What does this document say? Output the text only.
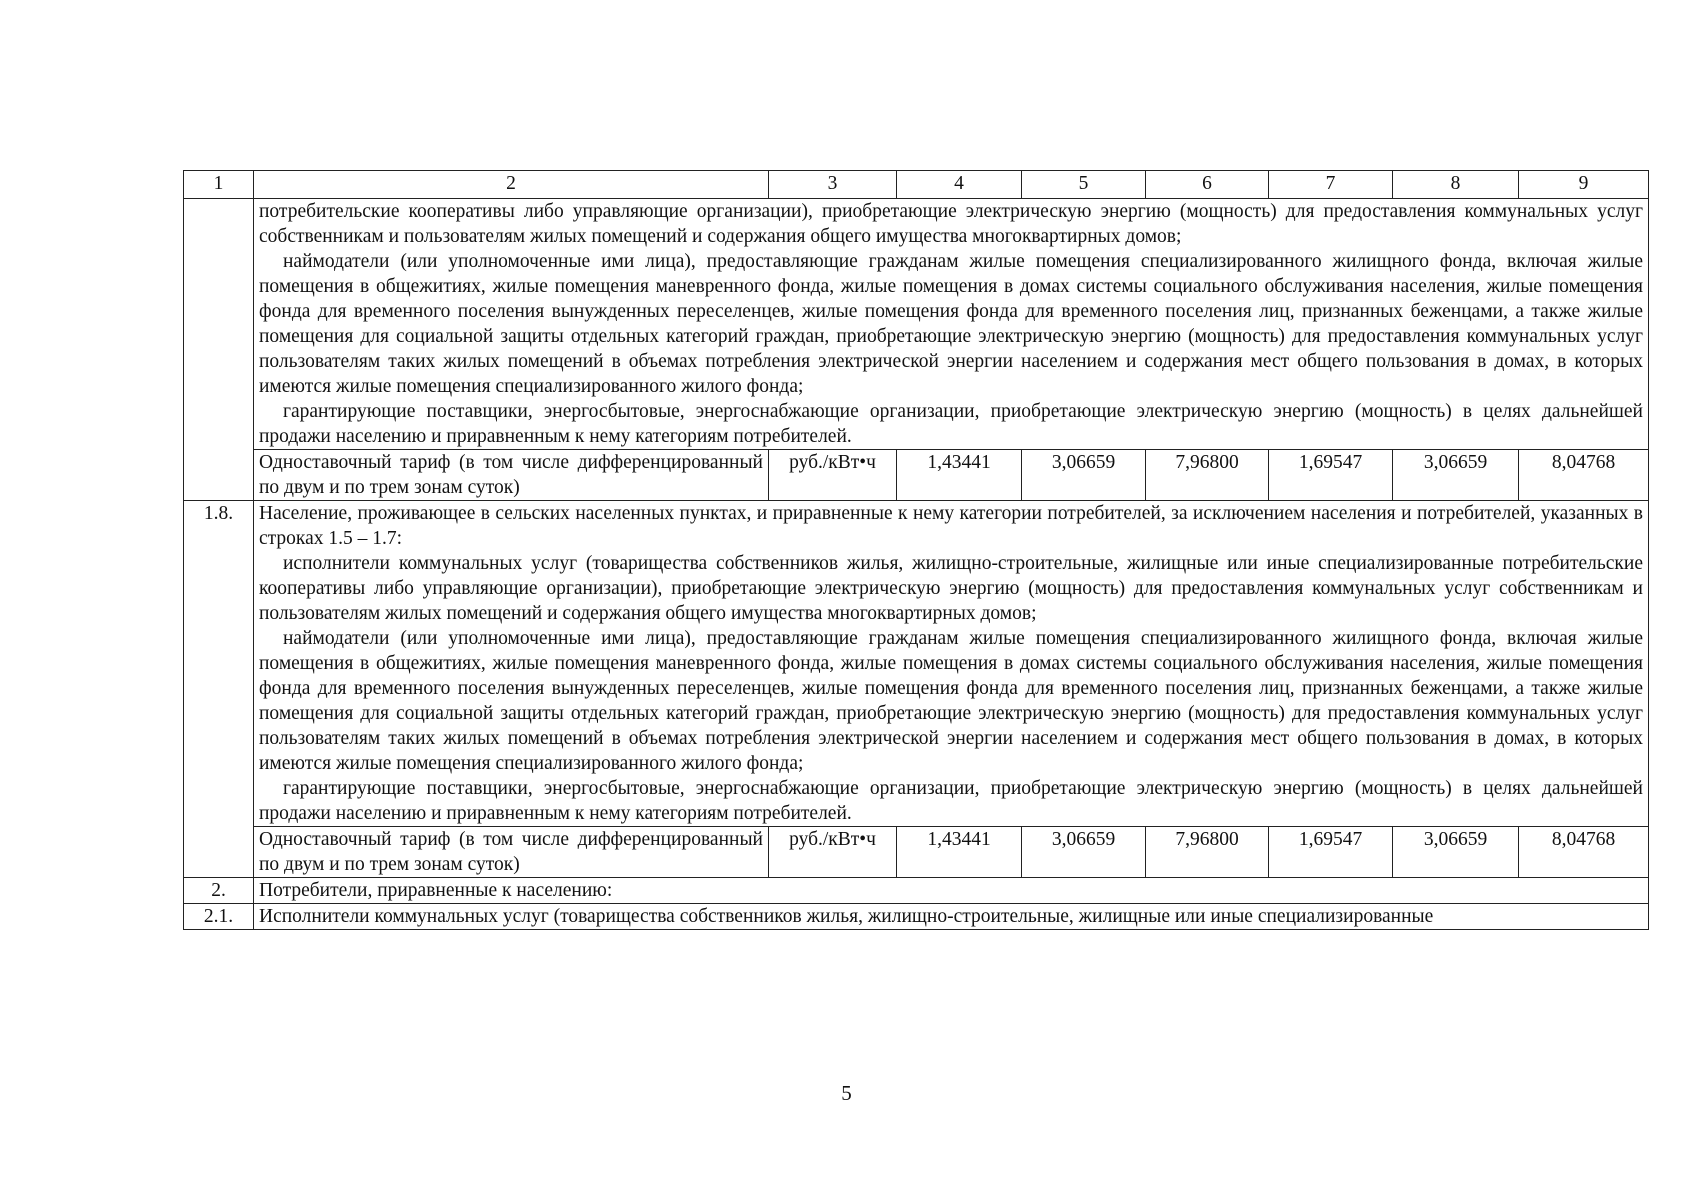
1	2	3	4	5	6	7	8	9

	потребительские кооперативы либо управляющие организации), приобретающие электрическую энергию (мощность) для предоставления коммунальных услуг собственникам и пользователям жилых помещений и содержания общего имущества многоквартирных домов;

наймодатели (или уполномоченные ими лица), предоставляющие гражданам жилые помещения специализированного жилищного фонда, включая жилые помещения в общежитиях, жилые помещения маневренного фонда, жилые помещения в домах системы социального обслуживания населения, жилые помещения фонда для временного поселения вынужденных переселенцев, жилые помещения фонда для временного поселения лиц, признанных беженцами, а также жилые помещения для социальной защиты отдельных категорий граждан, приобретающие электрическую энергию (мощность) для предоставления коммунальных услуг пользователям таких жилых помещений в объемах потребления электрической энергии населением и содержания мест общего пользования в домах, в которых имеются жилые помещения специализированного жилого фонда;

гарантирующие поставщики, энергосбытовые, энергоснабжающие организации, приобретающие электрическую энергию (мощность) в целях дальнейшей продажи населению и приравненным к нему категориям потребителей.							

	Одноставочный тариф (в том числе дифференцированный по двум и по трем зонам суток)	руб./кВт•ч	1,43441	3,06659	7,96800	1,69547	3,06659	8,04768
1.8.	Население, проживающее в сельских населенных пунктах, и приравненные к нему категории потребителей, за исключением населения и потребителей, указанных в строках 1.5 – 1.7:

исполнители коммунальных услуг (товарищества собственников жилья, жилищно-строительные, жилищные или иные специализированные потребительские кооперативы либо управляющие организации), приобретающие электрическую энергию (мощность) для предоставления коммунальных услуг собственникам и пользователям жилых помещений и содержания общего имущества многоквартирных домов;

наймодатели (или уполномоченные ими лица), предоставляющие гражданам жилые помещения специализированного жилищного фонда, включая жилые помещения в общежитиях, жилые помещения маневренного фонда, жилые помещения в домах системы социального обслуживания населения, жилые помещения фонда для временного поселения вынужденных переселенцев, жилые помещения фонда для временного поселения лиц, признанных беженцами, а также жилые помещения для социальной защиты отдельных категорий граждан, приобретающие электрическую энергию (мощность) для предоставления коммунальных услуг пользователям таких жилых помещений в объемах потребления электрической энергии населением и содержания мест общего пользования в домах, в которых имеются жилые помещения специализированного жилого фонда;

гарантирующие поставщики, энергосбытовые, энергоснабжающие организации, приобретающие электрическую энергию (мощность) в целях дальнейшей продажи населению и приравненным к нему категориям потребителей.							

	Одноставочный тариф (в том числе дифференцированный по двум и по трем зонам суток)	руб./кВт•ч	1,43441	3,06659	7,96800	1,69547	3,06659	8,04768
2.	Потребители, приравненные к населению:							
2.1.	Исполнители коммунальных услуг (товарищества собственников жилья, жилищно-строительные, жилищные или иные специализированные							
5
